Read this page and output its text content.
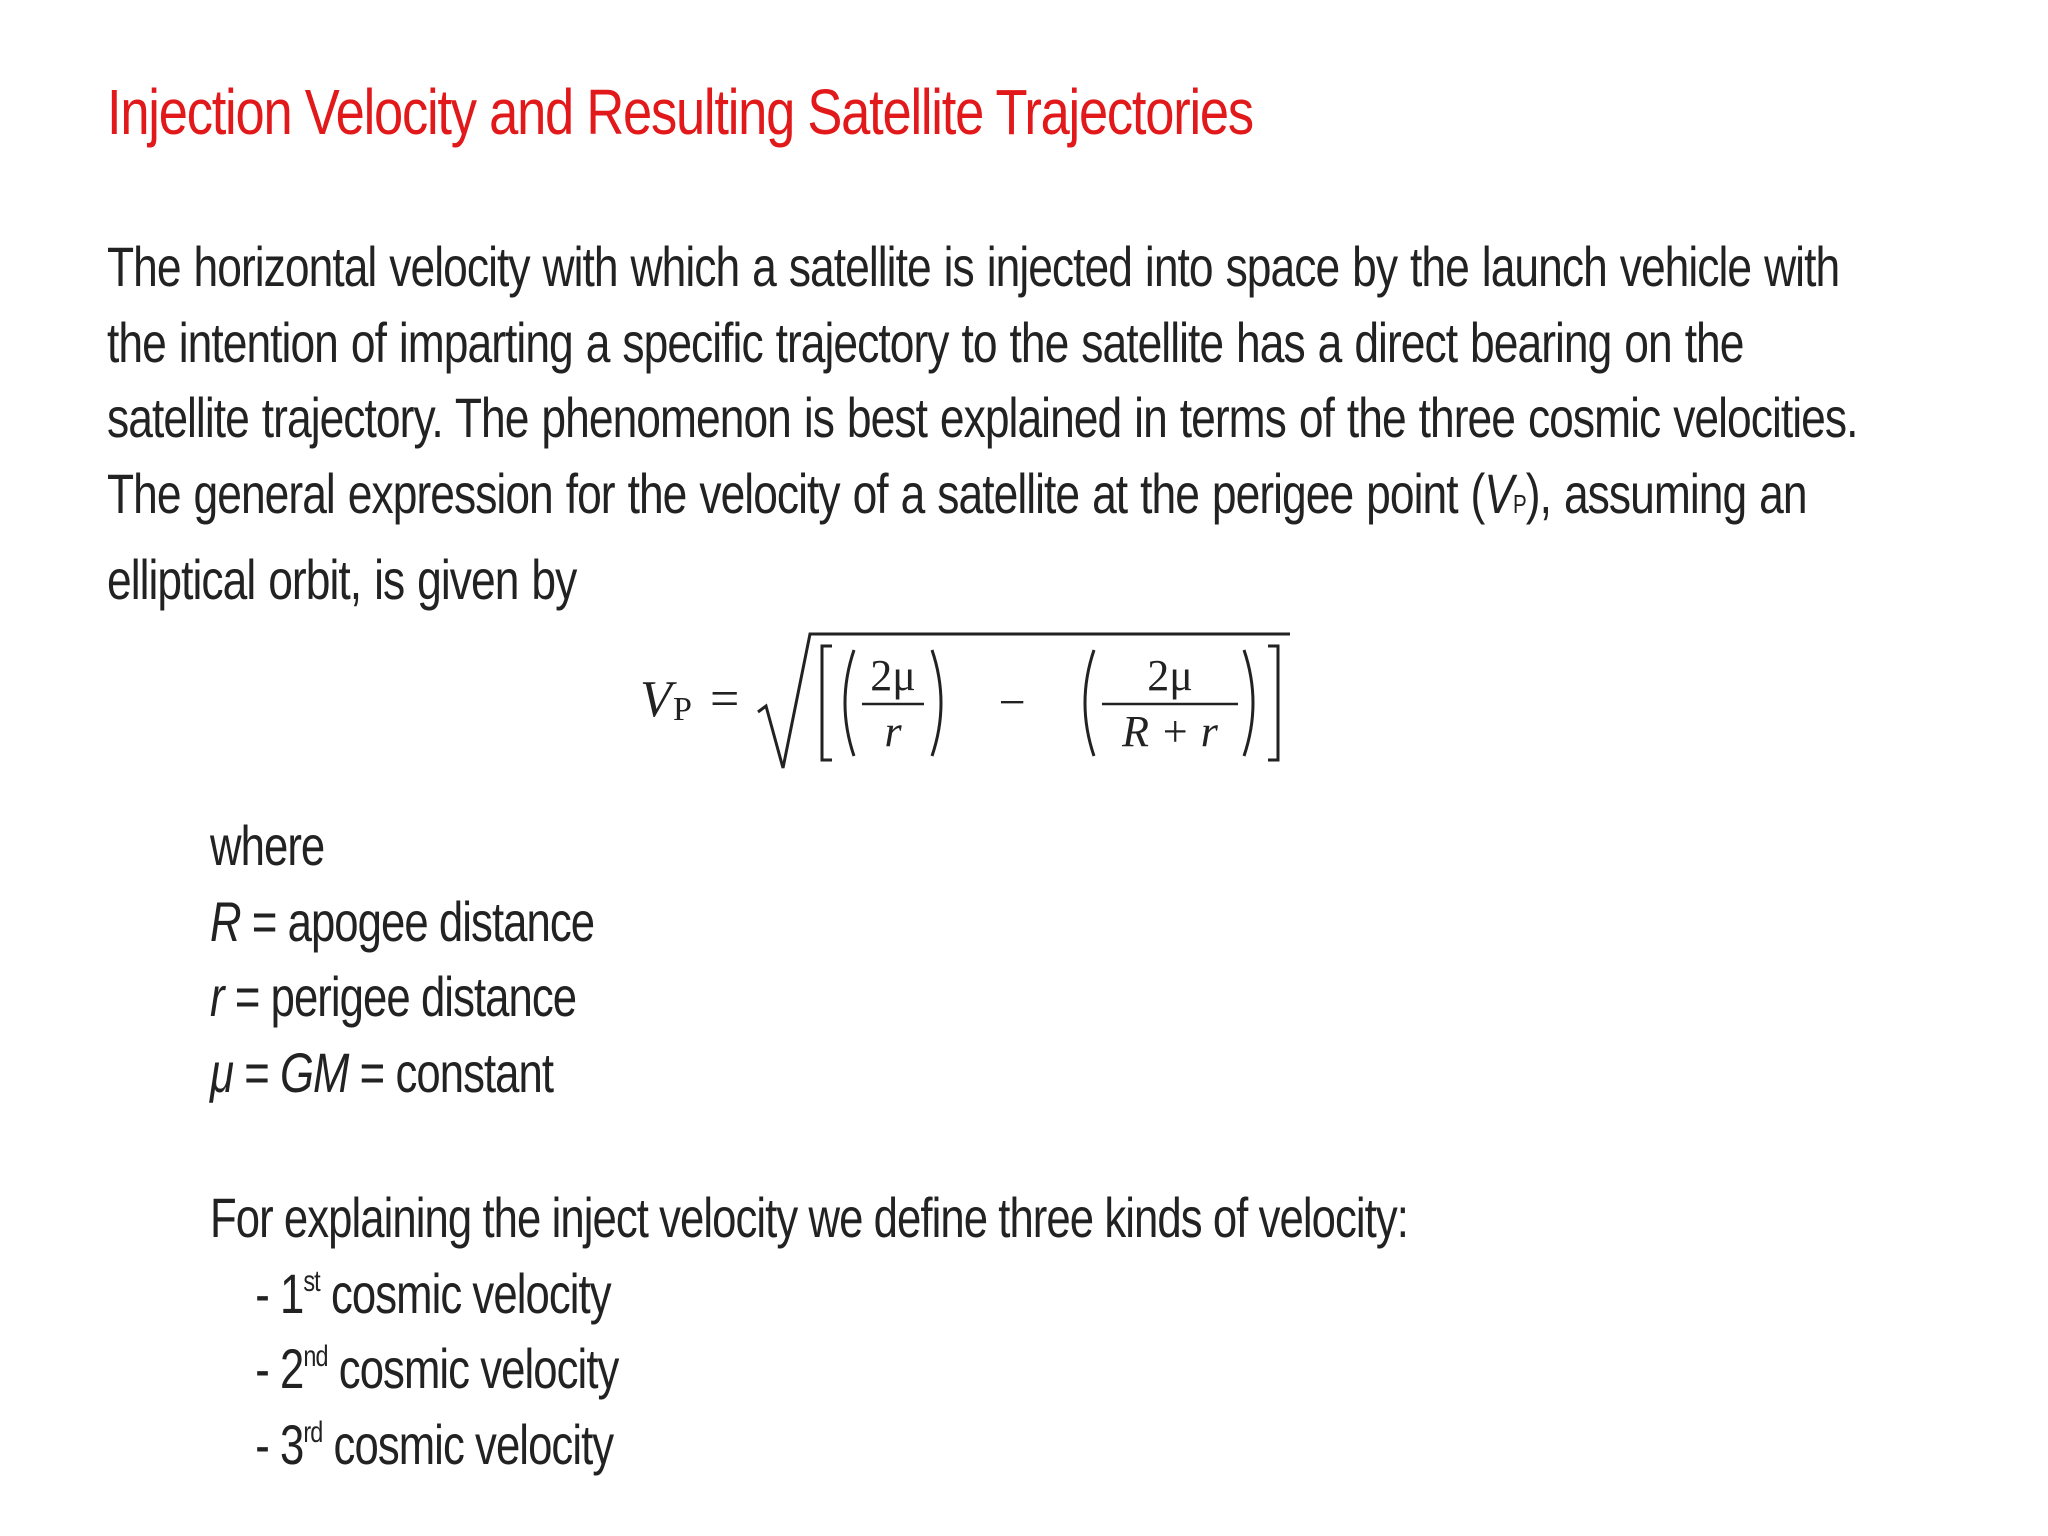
Injection Velocity and Resulting Satellite Trajectories
The horizontal velocity with which a satellite is injected into space by the launch vehicle with
the intention of imparting a specific trajectory to the satellite has a direct bearing on the
satellite trajectory. The phenomenon is best explained in terms of the three cosmic velocities.
The general expression for the velocity of a satellite at the perigee point (VP), assuming an
elliptical orbit, is given by
V P =	2μ
r
−
2μ
R + r
where
R = apogee distance
r = perigee distance
μ = GM = constant
For explaining the inject velocity we define three kinds of velocity:
- 1st cosmic velocity
- 2nd cosmic velocity
- 3rd cosmic velocity
